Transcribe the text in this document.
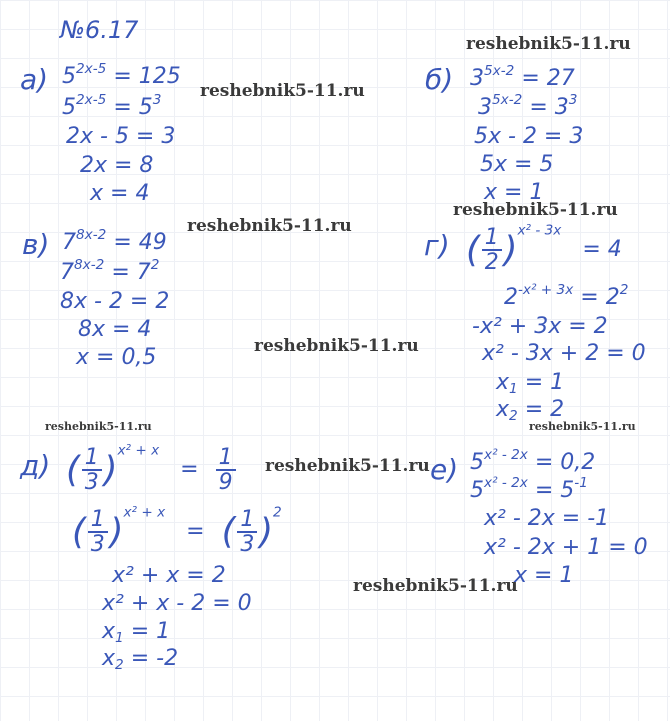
№6.17	reshebnik5-11.ru
reshebnik5-11.ru
reshebnik5-11.ru
reshebnik5-11.ru
reshebnik5-11.ru
reshebnik5-11.ru	reshebnik5-11.ru
reshebnik5-11.ru
reshebnik5-11.ru
а) $5^{2x-5} = 125$
$5^{2x-5} = 5^3$
2x - 5 = 3
2x = 8
x = 4
б) $3^{5x-2} = 27$
$3^{5x-2} = 3^3$
5x - 2 = 3
5x = 5
x = 1
в) $7^{8x-2} = 49$
$7^{8x-2} = 7^2$
8x - 2 = 2
8x = 4
x = 0,5
г) ( $\frac{1}{2} )^{x^2 - 3x} = 4$
$2^{-x^2 + 3x} = 2^2$
-x² + 3x = 2
x² - 3x + 2 = 0
$x_1 = 1$
$x_2 = 2$
д) ( $\frac{1}{3} )^{x^2 + x} = \frac{1}{9}$
( $\frac{1}{3} )^{x^2 + x}$ = ( $\frac{1}{3} )^2$
x² + x = 2
x² + x - 2 = 0
$x_1 = 1$
$x_2 = -2$
е) $5^{x^2 - 2x} = 0,2$
$5^{x^2 - 2x} = 5^{-1}$
x² - 2x = -1
x² - 2x + 1 = 0
x = 1
